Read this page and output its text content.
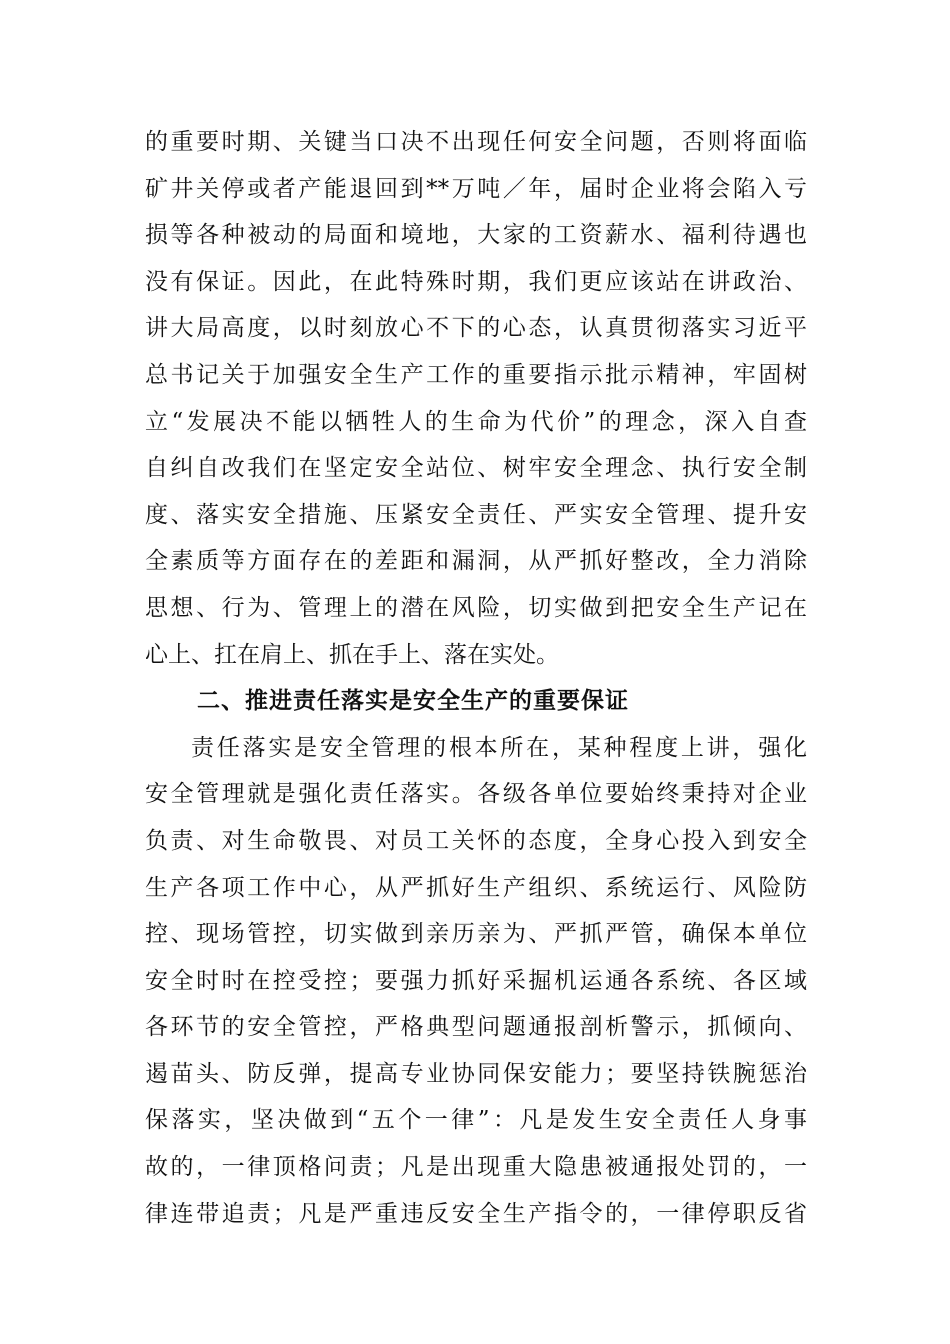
的重要时期、关键当口决不出现任何安全问题，否则将面临
矿井关停或者产能退回到**万吨／年，届时企业将会陷入亏
损等各种被动的局面和境地，大家的工资薪水、福利待遇也
没有保证。因此，在此特殊时期，我们更应该站在讲政治、
讲大局高度，以时刻放心不下的心态，认真贯彻落实习近平
总书记关于加强安全生产工作的重要指示批示精神，牢固树
立“发展决不能以牺牲人的生命为代价”的理念，深入自查
自纠自改我们在坚定安全站位、树牢安全理念、执行安全制
度、落实安全措施、压紧安全责任、严实安全管理、提升安
全素质等方面存在的差距和漏洞，从严抓好整改，全力消除
思想、行为、管理上的潜在风险，切实做到把安全生产记在
心上、扛在肩上、抓在手上、落在实处。
二、推进责任落实是安全生产的重要保证
责任落实是安全管理的根本所在，某种程度上讲，强化
安全管理就是强化责任落实。各级各单位要始终秉持对企业
负责、对生命敬畏、对员工关怀的态度，全身心投入到安全
生产各项工作中心，从严抓好生产组织、系统运行、风险防
控、现场管控，切实做到亲历亲为、严抓严管，确保本单位
安全时时在控受控；要强力抓好采掘机运通各系统、各区域
各环节的安全管控，严格典型问题通报剖析警示，抓倾向、
遏苗头、防反弹，提高专业协同保安能力；要坚持铁腕惩治
保落实，坚决做到“五个一律”：凡是发生安全责任人身事
故的，一律顶格问责；凡是出现重大隐患被通报处罚的，一
律连带追责；凡是严重违反安全生产指令的，一律停职反省
